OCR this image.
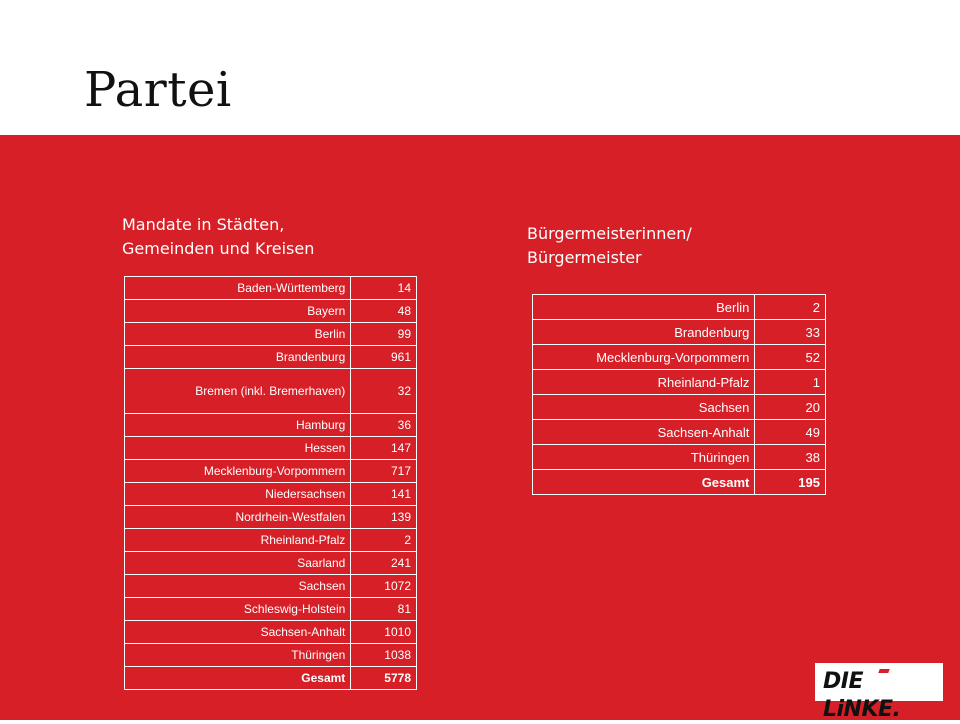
Partei
Mandate in Städten,
Gemeinden und Kreisen
Baden-Württemberg	14
Bayern	48
Berlin	99
Brandenburg	961
Bremen (inkl. Bremerhaven)	32
Hamburg	36
Hessen	147
Mecklenburg-Vorpommern	717
Niedersachsen	141
Nordrhein-Westfalen	139
Rheinland-Pfalz	2
Saarland	241
Sachsen	1072
Schleswig-Holstein	81
Sachsen-Anhalt	1010
Thüringen	1038
Gesamt	5778
Bürgermeisterinnen/
Bürgermeister
Berlin	2
Brandenburg	33
Mecklenburg-Vorpommern	52
Rheinland-Pfalz	1
Sachsen	20
Sachsen-Anhalt	49
Thüringen	38
Gesamt	195
DIE LiNKE.
